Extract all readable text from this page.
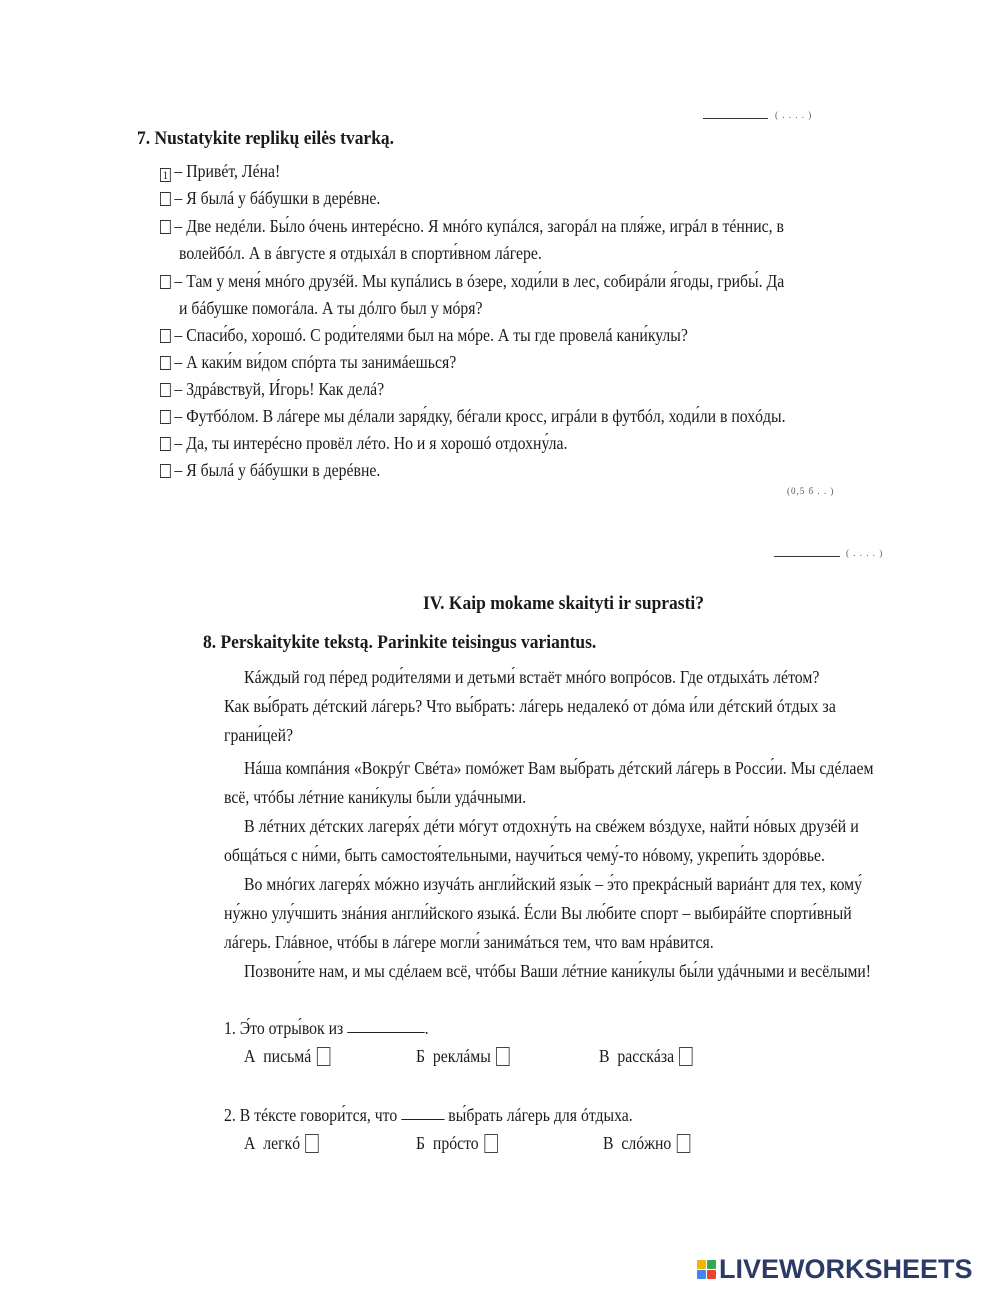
( . . . . )
7. Nustatykite replikų eilės tvarką.
1 – Привéт, Лéна!
– Я былá у бáбушки в дерéвне.
– Две недéли. Бы́ло óчень интерéсно. Я мнóго купáлся, загорáл на пля́же, игрáл в тéннис, в
волейбóл. А в áвгусте я отдыхáл в спорти́вном лáгере.
– Там у меня́ мнóго друзéй. Мы купáлись в óзере, ходи́ли в лес, собирáли я́годы, грибы́. Да
и бáбушке помогáла. А ты дóлго был у мóря?
– Спаси́бо, хорошó. С роди́телями был на мóре. А ты где провелá кани́кулы?
– А каки́м ви́дом спóрта ты занимáешься?
– Здрáвствуй, И́горь! Как делá?
– Футбóлом. В лáгере мы дéлали заря́дку, бéгали кросс, игрáли в футбóл, ходи́ли в похóды.
– Да, ты интерéсно провёл лéто. Но и я хорошó отдохну́ла.
– Я былá у бáбушки в дерéвне.
(0,5 б . . )
( . . . . )
IV. Kaip mokame skaityti ir suprasti?
8. Perskaitykite tekstą. Parinkite teisingus variantus.
Кáждый год пéред роди́телями и детьми́ встаёт мнóго вопрóсов. Где отдыхáть лéтом?
Как вы́брать дéтский лáгерь? Что вы́брать: лáгерь недалекó от дóма и́ли дéтский óтдых за
грани́цей?
Нáша компáния «Вокрýг Свéта» помóжет Вам вы́брать дéтский лáгерь в Росси́и. Мы сдéлаем
всё, чтóбы лéтние кани́кулы бы́ли удáчными.
В лéтних дéтских лагеря́х дéти мóгут отдохну́ть на свéжем вóздухе, найти́ нóвых друзéй и
общáться с ни́ми, быть самостоя́тельными, научи́ться чему́-то нóвому, укрепи́ть здорóвье.
Во мнóгих лагеря́х мóжно изучáть англи́йский язы́к – э́то прекрáсный вариáнт для тех, кому́
ну́жно улу́чшить знáния англи́йского языкá. Éсли Вы лю́бите спорт – выбирáйте спорти́вный
лáгерь. Глáвное, чтóбы в лáгере могли́ занимáться тем, что вам нрáвится.
Позвони́те нам, и мы сдéлаем всё, чтóбы Ваши лéтние кани́кулы бы́ли удáчными и весёлыми!
1. Э́то отры́вок из	.
А письмá	Б реклáмы	В расскáза
2. В тéксте говори́тся, что	вы́брать лáгерь для óтдыха.
А легкó	Б прóсто	В слóжно
LIVEWORKSHEETS
